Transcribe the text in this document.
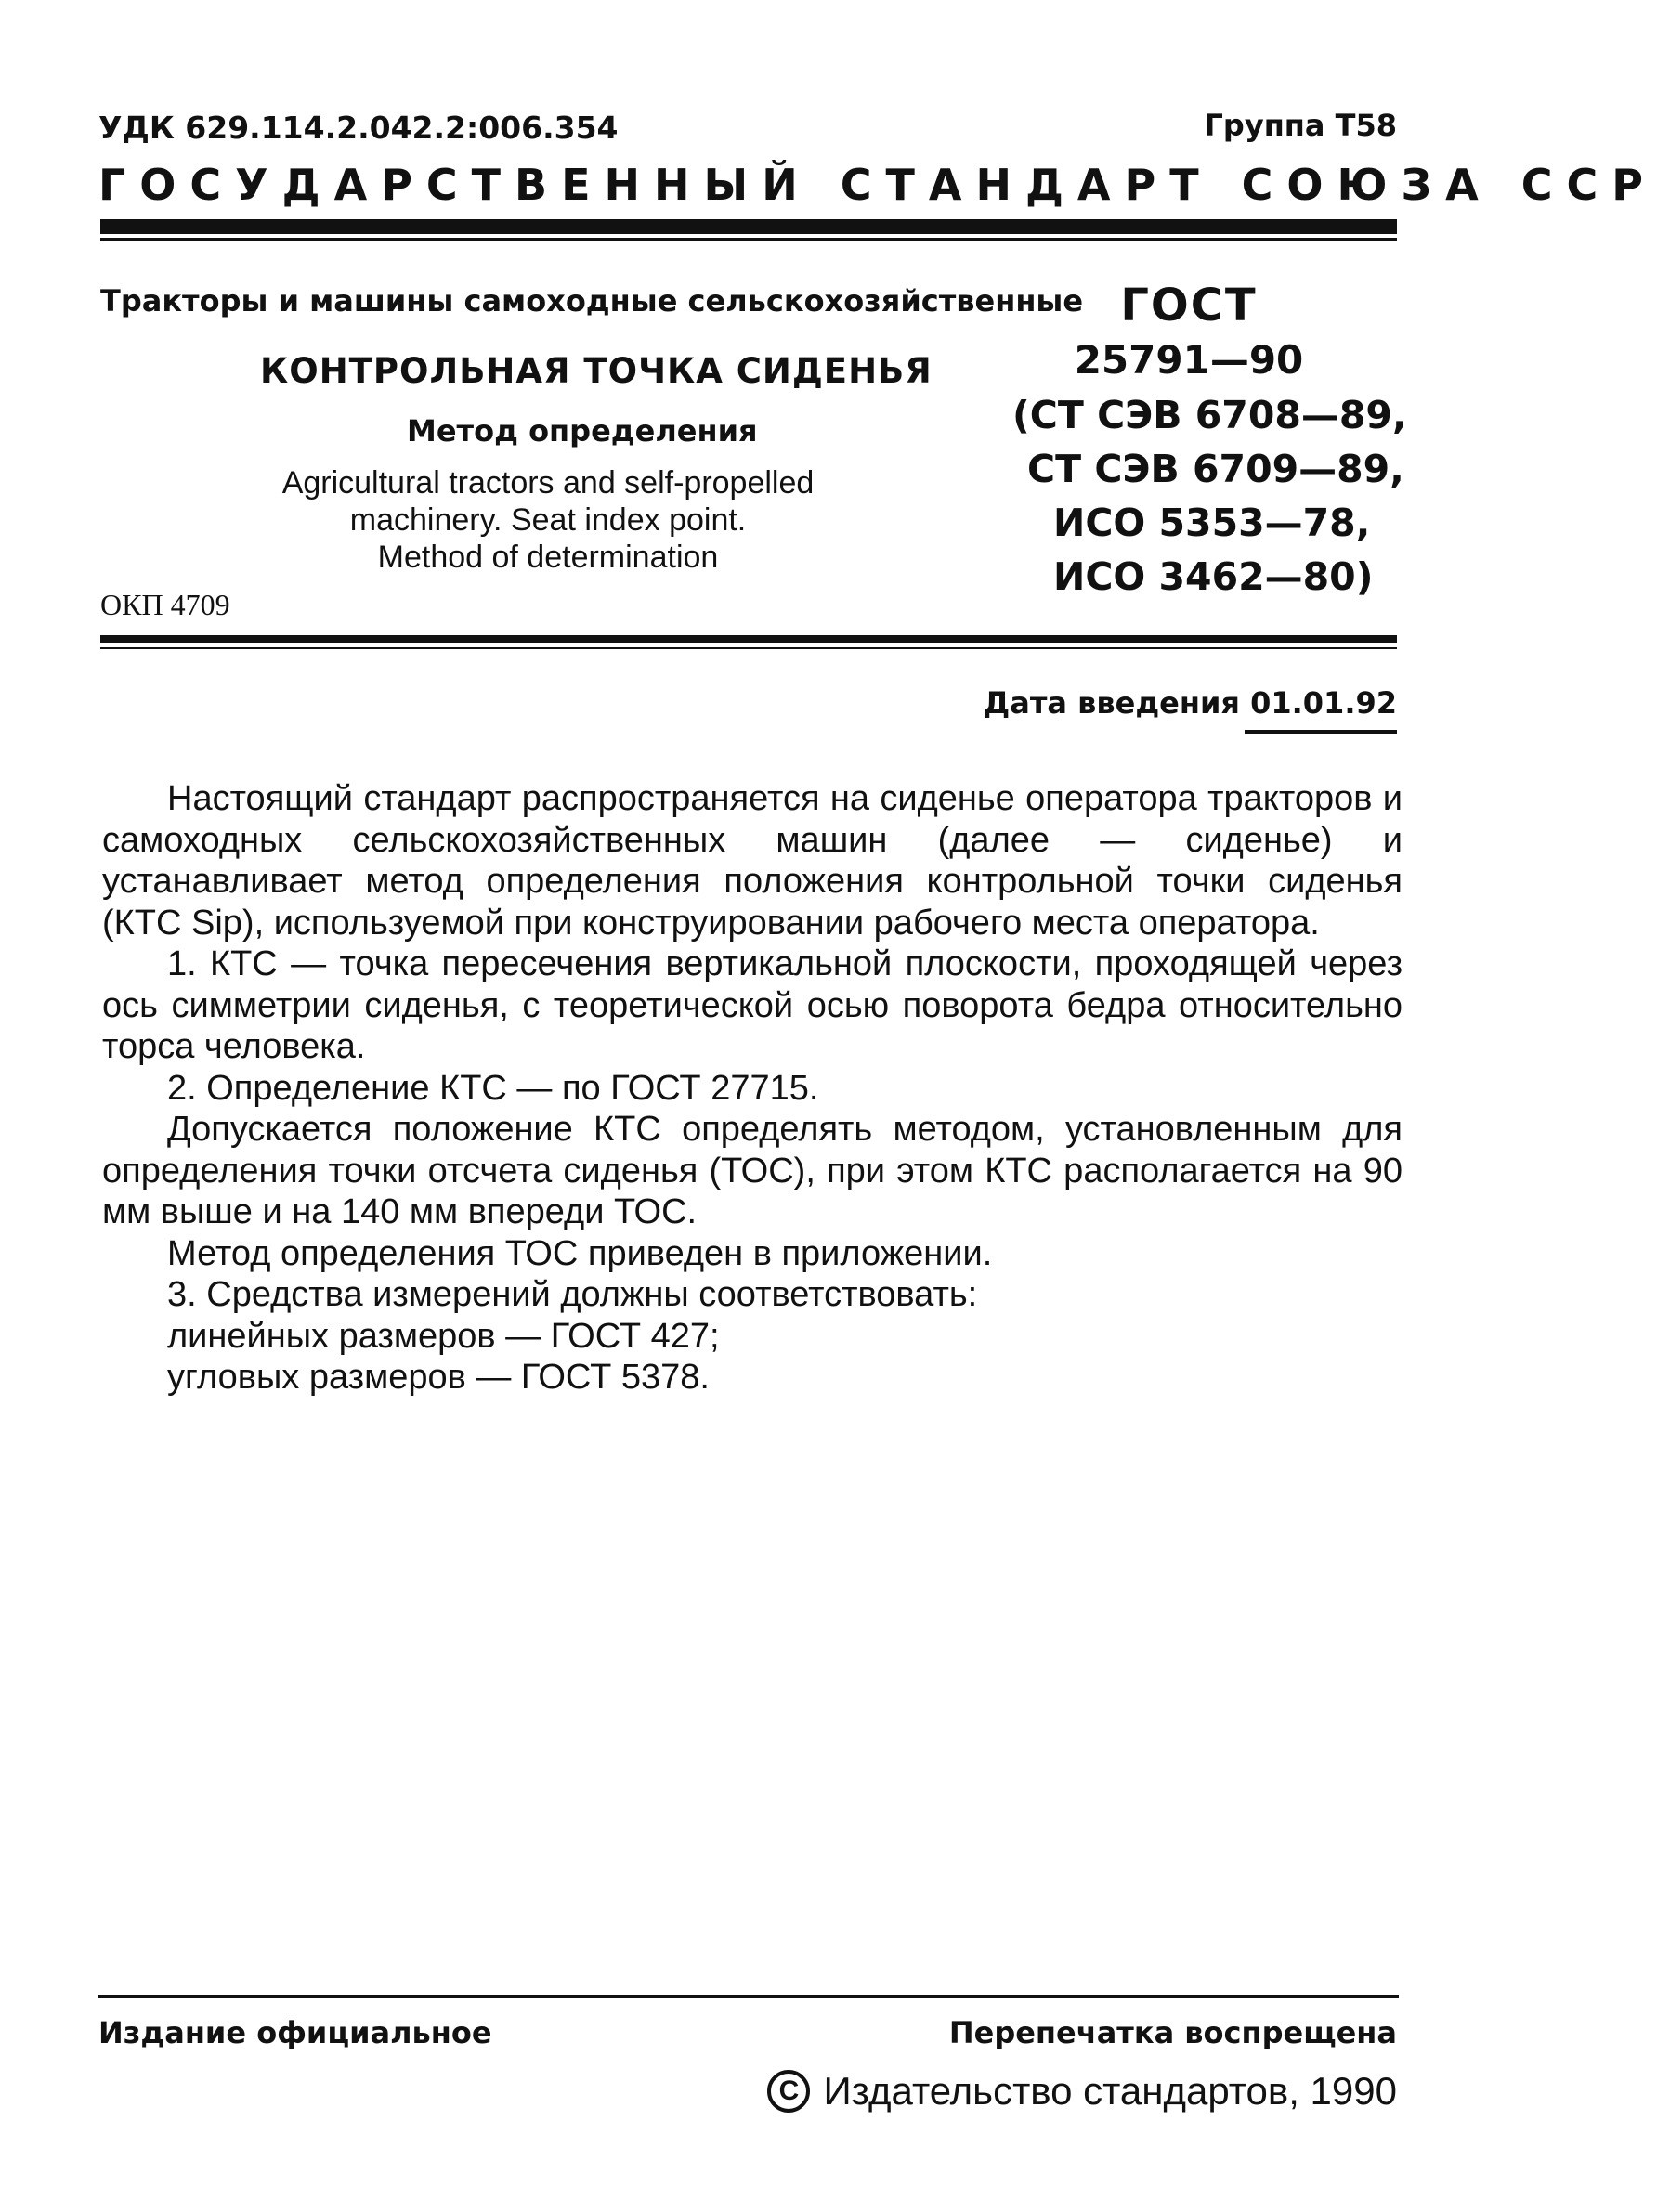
УДК 629.114.2.042.2:006.354	Группа Т58
ГОСУДАРСТВЕННЫЙ СТАНДАРТ СОЮЗА ССР
Тракторы и машины самоходные сельскохозяйственные
КОНТРОЛЬНАЯ ТОЧКА СИДЕНЬЯ
Метод определения
Agricultural tractors and self-propelled
machinery. Seat index point.
Method of determination
ОКП 4709
ГОСТ
25791—90
(СТ СЭВ 6708—89,
СТ СЭВ 6709—89,
ИСО 5353—78,
ИСО 3462—80)
Дата введения 01.01.92

Настоящий стандарт распространяется на сиденье оператора тракторов и самоходных сельскохозяйственных машин (далее — сиденье) и устанавливает метод определения положения контрольной точки сиденья (КТС Sip), используемой при конструировании рабочего места оператора.

1. КТС — точка пересечения вертикальной плоскости, проходящей через ось симметрии сиденья, с теоретической осью поворота бедра относительно торса человека.

2. Определение КТС — по ГОСТ 27715.

Допускается положение КТС определять методом, установленным для определения точки отсчета сиденья (ТОС), при этом КТС располагается на 90 мм выше и на 140 мм впереди ТОС.

Метод определения ТОС приведен в приложении.

3. Средства измерений должны соответствовать:

линейных размеров — ГОСТ 427;

угловых размеров — ГОСТ 5378.

Издание официальное	Перепечатка воспрещена
C Издательство стандартов, 1990
